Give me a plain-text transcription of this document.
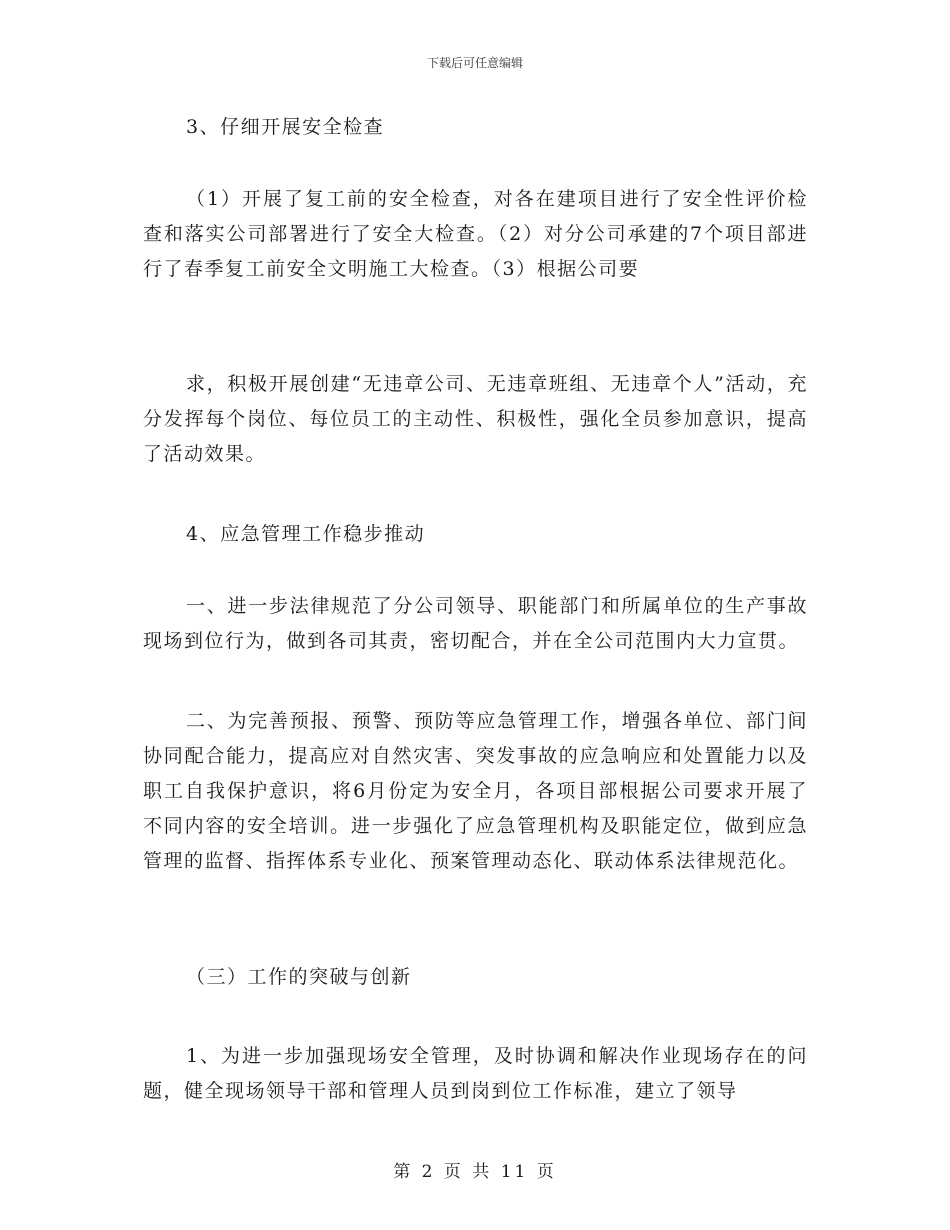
下载后可任意编辑

3、仔细开展安全检查

（1）开展了复工前的安全检查，对各在建项目进行了安全性评价检查和落实公司部署进行了安全大检查。（2）对分公司承建的7个项目部进行了春季复工前安全文明施工大检查。（3）根据公司要

求，积极开展创建“无违章公司、无违章班组、无违章个人”活动，充分发挥每个岗位、每位员工的主动性、积极性，强化全员参加意识，提高了活动效果。

4、应急管理工作稳步推动

一、进一步法律规范了分公司领导、职能部门和所属单位的生产事故现场到位行为，做到各司其责，密切配合，并在全公司范围内大力宣贯。

二、为完善预报、预警、预防等应急管理工作，增强各单位、部门间协同配合能力，提高应对自然灾害、突发事故的应急响应和处置能力以及职工自我保护意识，将6月份定为安全月，各项目部根据公司要求开展了不同内容的安全培训。进一步强化了应急管理机构及职能定位，做到应急管理的监督、指挥体系专业化、预案管理动态化、联动体系法律规范化。

（三）工作的突破与创新

1、为进一步加强现场安全管理，及时协调和解决作业现场存在的问题，健全现场领导干部和管理人员到岗到位工作标准，建立了领导

第 2 页 共 11 页
